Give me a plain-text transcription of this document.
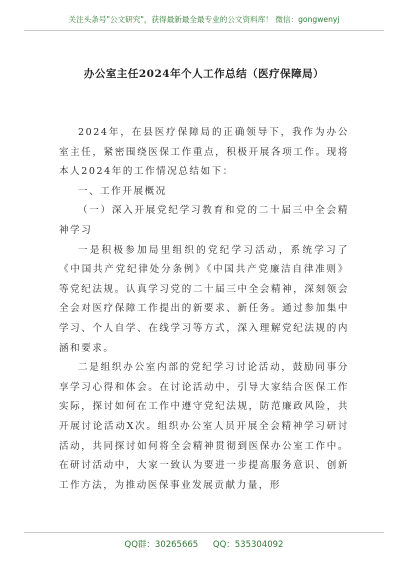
关注头条号"公文研究"，获得最新最全最专业的公文资料库！ 微信：gongwenyj
办公室主任2024年个人工作总结（医疗保障局）

2024年，在县医疗保障局的正确领导下，我作为办公室主任，紧密围绕医保工作重点，积极开展各项工作。现将本人2024年的工作情况总结如下：

一、工作开展概况

（一）深入开展党纪学习教育和党的二十届三中全会精神学习

一是积极参加局里组织的党纪学习活动，系统学习了《中国共产党纪律处分条例》《中国共产党廉洁自律准则》等党纪法规。认真学习党的二十届三中全会精神，深刻领会全会对医疗保障工作提出的新要求、新任务。通过参加集中学习、个人自学、在线学习等方式，深入理解党纪法规的内涵和要求。

二是组织办公室内部的党纪学习讨论活动，鼓励同事分享学习心得和体会。在讨论活动中，引导大家结合医保工作实际，探讨如何在工作中遵守党纪法规，防范廉政风险，共开展讨论活动X次。组织办公室人员开展全会精神学习研讨活动，共同探讨如何将全会精神贯彻到医保办公室工作中。在研讨活动中，大家一致认为要进一步提高服务意识、创新工作方法，为推动医保事业发展贡献力量，形

QQ群：30265665 QQ：535304092
